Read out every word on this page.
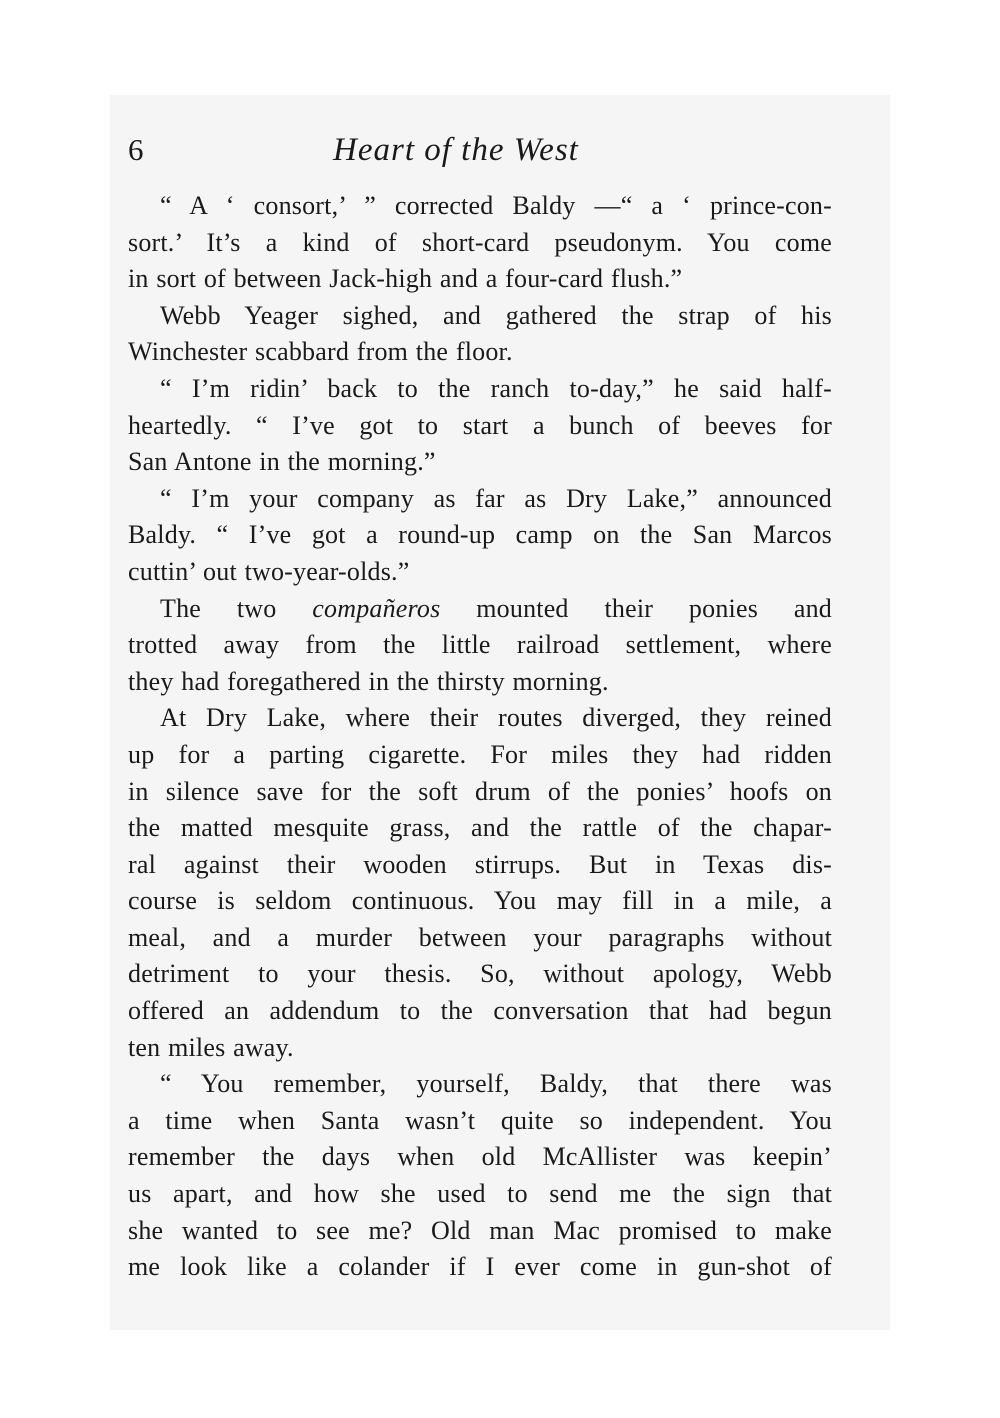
6	Heart of the West
“ A ‘ consort,’ ” corrected Baldy —“ a ‘ prince-con-
sort.’ It’s a kind of short-card pseudonym. You come
in sort of between Jack-high and a four-card flush.”
Webb Yeager sighed, and gathered the strap of his
Winchester scabbard from the floor.
“ I’m ridin’ back to the ranch to-day,” he said half-
heartedly. “ I’ve got to start a bunch of beeves for
San Antone in the morning.”
“ I’m your company as far as Dry Lake,” announced
Baldy. “ I’ve got a round-up camp on the San Marcos
cuttin’ out two-year-olds.”
The two compañeros mounted their ponies and
trotted away from the little railroad settlement, where
they had foregathered in the thirsty morning.
At Dry Lake, where their routes diverged, they reined
up for a parting cigarette. For miles they had ridden
in silence save for the soft drum of the ponies’ hoofs on
the matted mesquite grass, and the rattle of the chapar-
ral against their wooden stirrups. But in Texas dis-
course is seldom continuous. You may fill in a mile, a
meal, and a murder between your paragraphs without
detriment to your thesis. So, without apology, Webb
offered an addendum to the conversation that had begun
ten miles away.
“ You remember, yourself, Baldy, that there was
a time when Santa wasn’t quite so independent. You
remember the days when old McAllister was keepin’
us apart, and how she used to send me the sign that
she wanted to see me? Old man Mac promised to make
me look like a colander if I ever come in gun-shot of
